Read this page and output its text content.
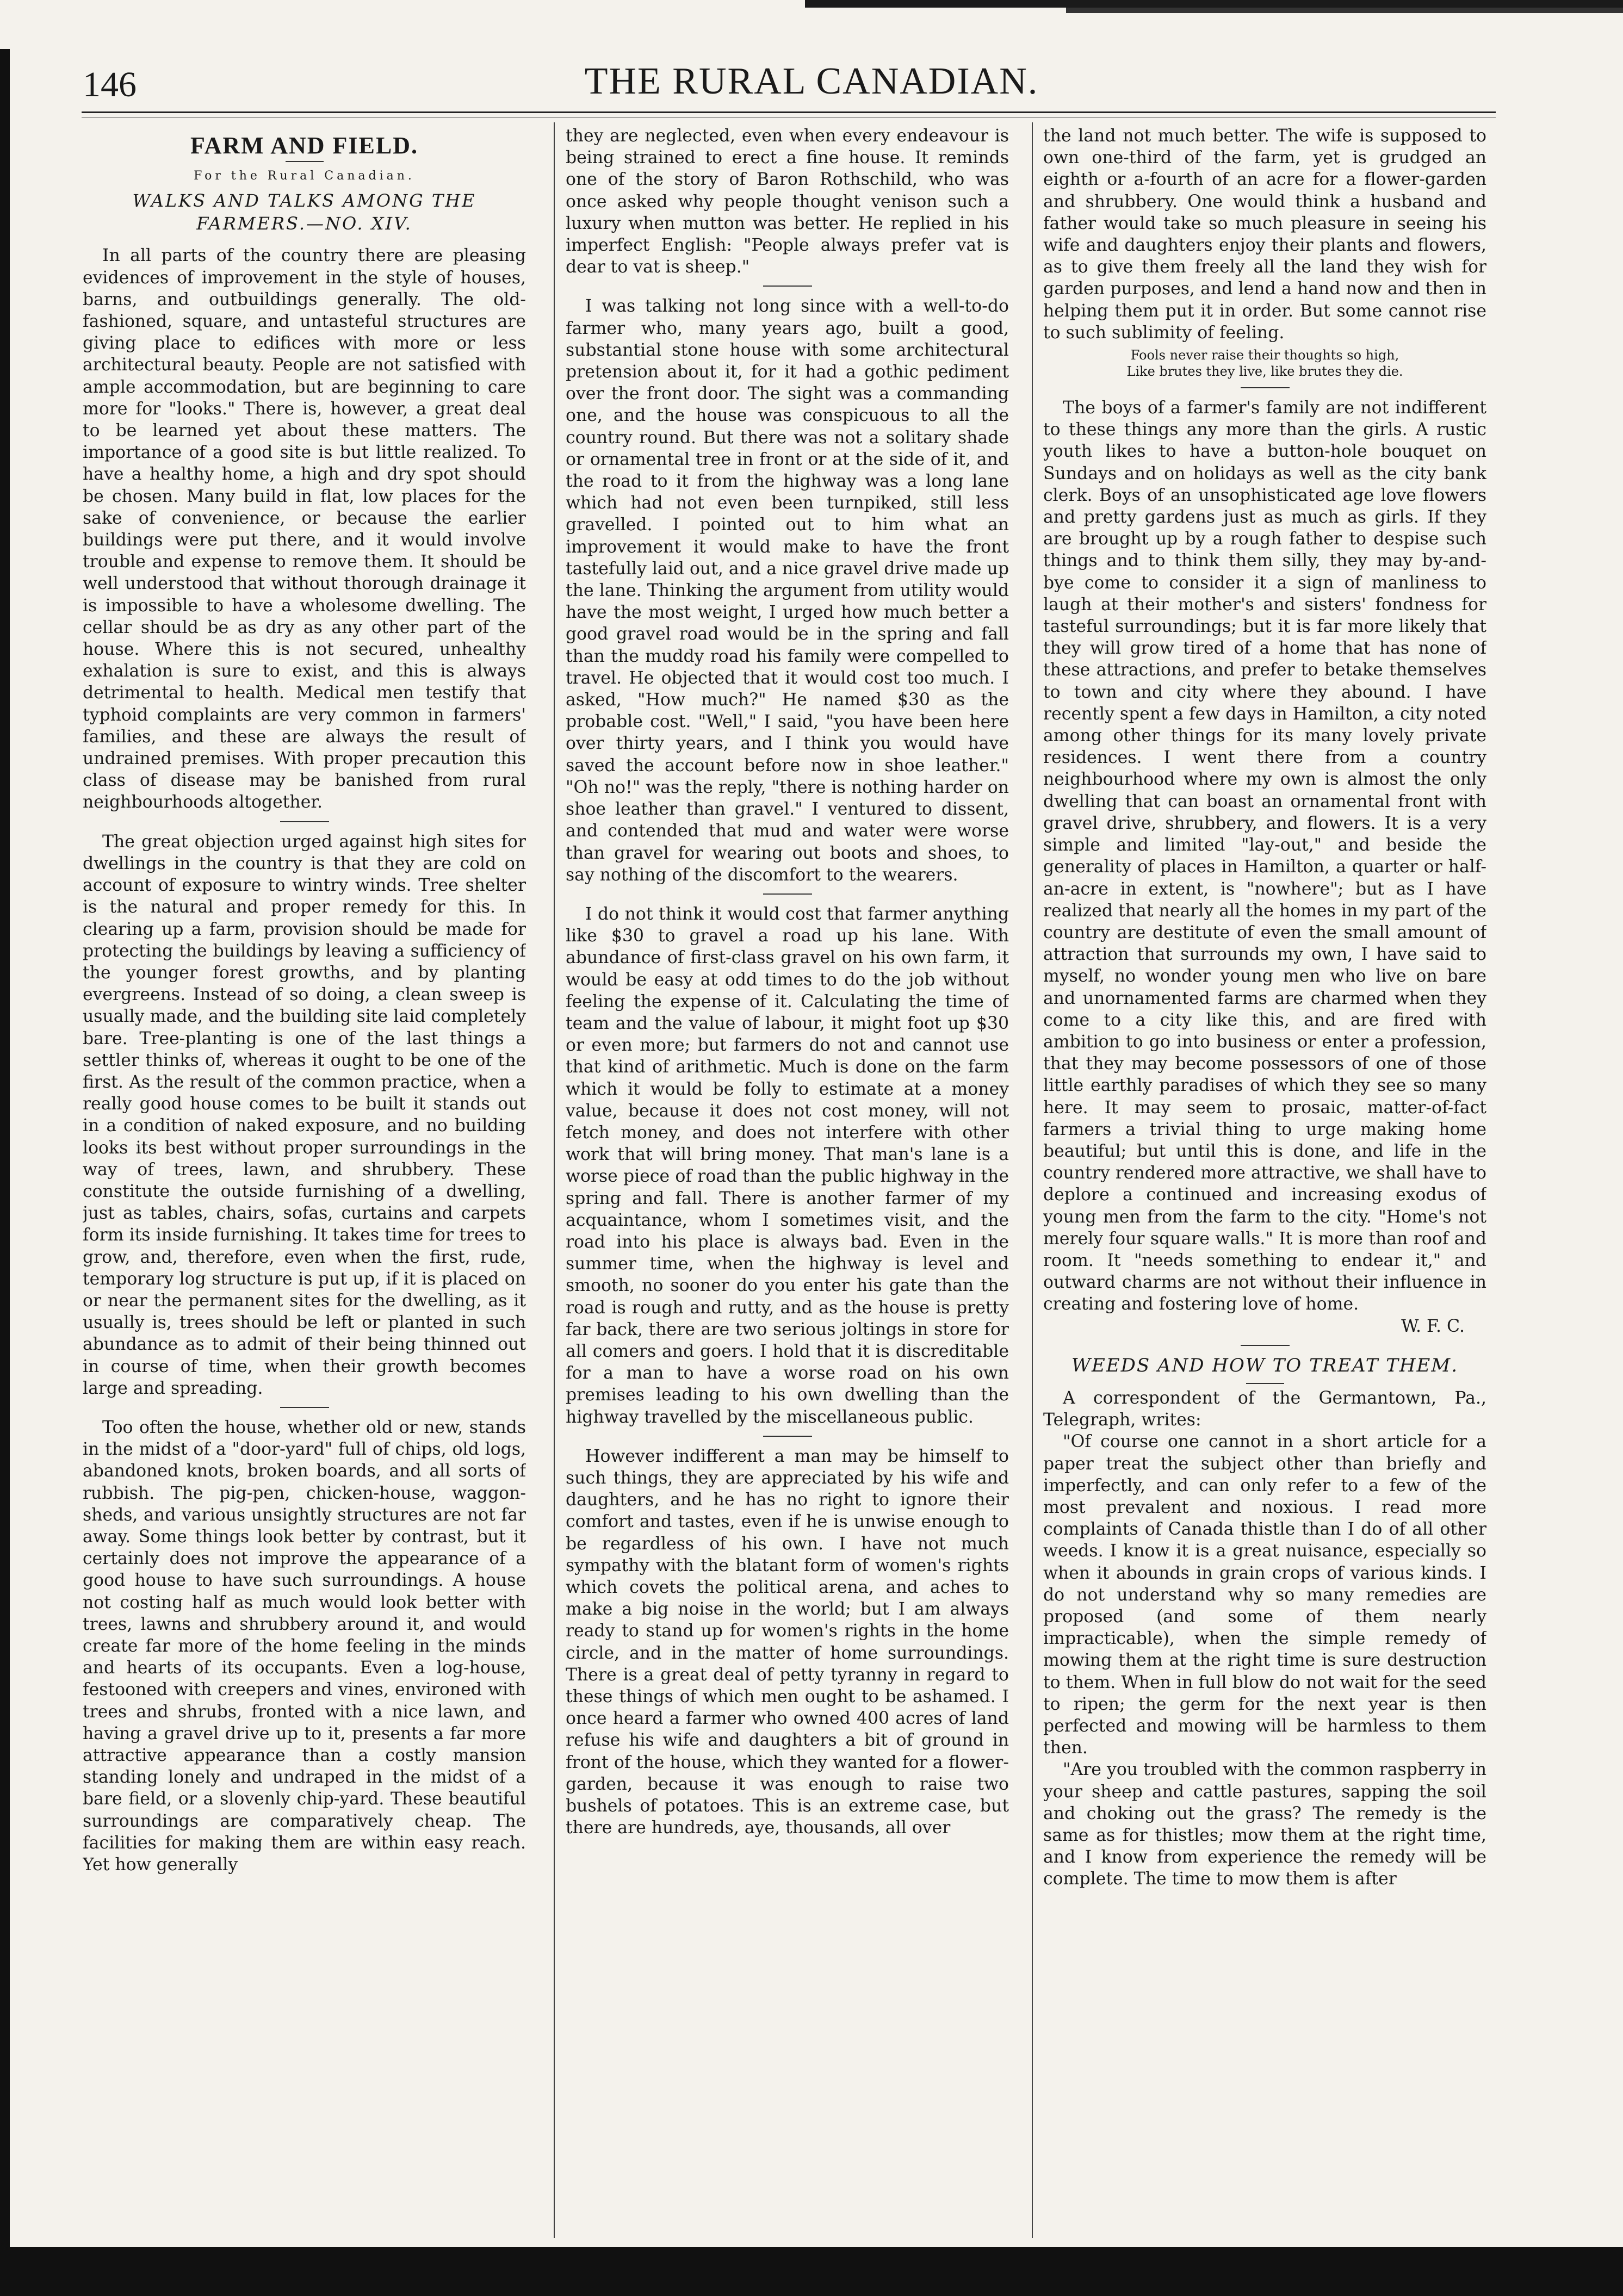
146	THE RURAL CANADIAN.
FARM AND FIELD.
For the Rural Canadian.
WALKS AND TALKS AMONG THE FARMERS.—NO. XIV.

In all parts of the country there are pleasing evidences of improvement in the style of houses, barns, and outbuildings generally. The old-fashioned, square, and untasteful structures are giving place to edifices with more or less architectural beauty. People are not satisfied with ample accommodation, but are beginning to care more for "looks." There is, however, a great deal to be learned yet about these matters. The importance of a good site is but little realized. To have a healthy home, a high and dry spot should be chosen. Many build in flat, low places for the sake of convenience, or because the earlier buildings were put there, and it would involve trouble and expense to remove them. It should be well understood that without thorough drainage it is impossible to have a wholesome dwelling. The cellar should be as dry as any other part of the house. Where this is not secured, unhealthy exhalation is sure to exist, and this is always detrimental to health. Medical men testify that typhoid complaints are very common in farmers' families, and these are always the result of undrained premises. With proper precaution this class of disease may be banished from rural neighbourhoods altogether.

The great objection urged against high sites for dwellings in the country is that they are cold on account of exposure to wintry winds. Tree shelter is the natural and proper remedy for this. In clearing up a farm, provision should be made for protecting the buildings by leaving a sufficiency of the younger forest growths, and by planting evergreens. Instead of so doing, a clean sweep is usually made, and the building site laid completely bare. Tree-planting is one of the last things a settler thinks of, whereas it ought to be one of the first. As the result of the common practice, when a really good house comes to be built it stands out in a condition of naked exposure, and no building looks its best without proper surroundings in the way of trees, lawn, and shrubbery. These constitute the outside furnishing of a dwelling, just as tables, chairs, sofas, curtains and carpets form its inside furnishing. It takes time for trees to grow, and, therefore, even when the first, rude, temporary log structure is put up, if it is placed on or near the permanent sites for the dwelling, as it usually is, trees should be left or planted in such abundance as to admit of their being thinned out in course of time, when their growth becomes large and spreading.

Too often the house, whether old or new, stands in the midst of a "door-yard" full of chips, old logs, abandoned knots, broken boards, and all sorts of rubbish. The pig-pen, chicken-house, waggon-sheds, and various unsightly structures are not far away. Some things look better by contrast, but it certainly does not improve the appearance of a good house to have such surroundings. A house not costing half as much would look better with trees, lawns and shrubbery around it, and would create far more of the home feeling in the minds and hearts of its occupants. Even a log-house, festooned with creepers and vines, environed with trees and shrubs, fronted with a nice lawn, and having a gravel drive up to it, presents a far more attractive appearance than a costly mansion standing lonely and undraped in the midst of a bare field, or a slovenly chip-yard. These beautiful surroundings are comparatively cheap. The facilities for making them are within easy reach. Yet how generally

they are neglected, even when every endeavour is being strained to erect a fine house. It reminds one of the story of Baron Rothschild, who was once asked why people thought venison such a luxury when mutton was better. He replied in his imperfect English: "People always prefer vat is dear to vat is sheep."

I was talking not long since with a well-to-do farmer who, many years ago, built a good, substantial stone house with some architectural pretension about it, for it had a gothic pediment over the front door. The sight was a commanding one, and the house was conspicuous to all the country round. But there was not a solitary shade or ornamental tree in front or at the side of it, and the road to it from the highway was a long lane which had not even been turnpiked, still less gravelled. I pointed out to him what an improvement it would make to have the front tastefully laid out, and a nice gravel drive made up the lane. Thinking the argument from utility would have the most weight, I urged how much better a good gravel road would be in the spring and fall than the muddy road his family were compelled to travel. He objected that it would cost too much. I asked, "How much?" He named $30 as the probable cost. "Well," I said, "you have been here over thirty years, and I think you would have saved the account before now in shoe leather." "Oh no!" was the reply, "there is nothing harder on shoe leather than gravel." I ventured to dissent, and contended that mud and water were worse than gravel for wearing out boots and shoes, to say nothing of the discomfort to the wearers.

I do not think it would cost that farmer anything like $30 to gravel a road up his lane. With abundance of first-class gravel on his own farm, it would be easy at odd times to do the job without feeling the expense of it. Calculating the time of team and the value of labour, it might foot up $30 or even more; but farmers do not and cannot use that kind of arithmetic. Much is done on the farm which it would be folly to estimate at a money value, because it does not cost money, will not fetch money, and does not interfere with other work that will bring money. That man's lane is a worse piece of road than the public highway in the spring and fall. There is another farmer of my acquaintance, whom I sometimes visit, and the road into his place is always bad. Even in the summer time, when the highway is level and smooth, no sooner do you enter his gate than the road is rough and rutty, and as the house is pretty far back, there are two serious joltings in store for all comers and goers. I hold that it is discreditable for a man to have a worse road on his own premises leading to his own dwelling than the highway travelled by the miscellaneous public.

However indifferent a man may be himself to such things, they are appreciated by his wife and daughters, and he has no right to ignore their comfort and tastes, even if he is unwise enough to be regardless of his own. I have not much sympathy with the blatant form of women's rights which covets the political arena, and aches to make a big noise in the world; but I am always ready to stand up for women's rights in the home circle, and in the matter of home surroundings. There is a great deal of petty tyranny in regard to these things of which men ought to be ashamed. I once heard a farmer who owned 400 acres of land refuse his wife and daughters a bit of ground in front of the house, which they wanted for a flower-garden, because it was enough to raise two bushels of potatoes. This is an extreme case, but there are hundreds, aye, thousands, all over

the land not much better. The wife is supposed to own one-third of the farm, yet is grudged an eighth or a-fourth of an acre for a flower-garden and shrubbery. One would think a husband and father would take so much pleasure in seeing his wife and daughters enjoy their plants and flowers, as to give them freely all the land they wish for garden purposes, and lend a hand now and then in helping them put it in order. But some cannot rise to such sublimity of feeling.

Fools never raise their thoughts so high,
Like brutes they live, like brutes they die.

The boys of a farmer's family are not indifferent to these things any more than the girls. A rustic youth likes to have a button-hole bouquet on Sundays and on holidays as well as the city bank clerk. Boys of an unsophisticated age love flowers and pretty gardens just as much as girls. If they are brought up by a rough father to despise such things and to think them silly, they may by-and-bye come to consider it a sign of manliness to laugh at their mother's and sisters' fondness for tasteful surroundings; but it is far more likely that they will grow tired of a home that has none of these attractions, and prefer to betake themselves to town and city where they abound. I have recently spent a few days in Hamilton, a city noted among other things for its many lovely private residences. I went there from a country neighbourhood where my own is almost the only dwelling that can boast an ornamental front with gravel drive, shrubbery, and flowers. It is a very simple and limited "lay-out," and beside the generality of places in Hamilton, a quarter or half-an-acre in extent, is "nowhere"; but as I have realized that nearly all the homes in my part of the country are destitute of even the small amount of attraction that surrounds my own, I have said to myself, no wonder young men who live on bare and unornamented farms are charmed when they come to a city like this, and are fired with ambition to go into business or enter a profession, that they may become possessors of one of those little earthly paradises of which they see so many here. It may seem to prosaic, matter-of-fact farmers a trivial thing to urge making home beautiful; but until this is done, and life in the country rendered more attractive, we shall have to deplore a continued and increasing exodus of young men from the farm to the city. "Home's not merely four square walls." It is more than roof and room. It "needs something to endear it," and outward charms are not without their influence in creating and fostering love of home.

W. F. C.

WEEDS AND HOW TO TREAT THEM.

A correspondent of the Germantown, Pa., Telegraph, writes:

"Of course one cannot in a short article for a paper treat the subject other than briefly and imperfectly, and can only refer to a few of the most prevalent and noxious. I read more complaints of Canada thistle than I do of all other weeds. I know it is a great nuisance, especially so when it abounds in grain crops of various kinds. I do not understand why so many remedies are proposed (and some of them nearly impracticable), when the simple remedy of mowing them at the right time is sure destruction to them. When in full blow do not wait for the seed to ripen; the germ for the next year is then perfected and mowing will be harmless to them then.

"Are you troubled with the common raspberry in your sheep and cattle pastures, sapping the soil and choking out the grass? The remedy is the same as for thistles; mow them at the right time, and I know from experience the remedy will be complete. The time to mow them is after
